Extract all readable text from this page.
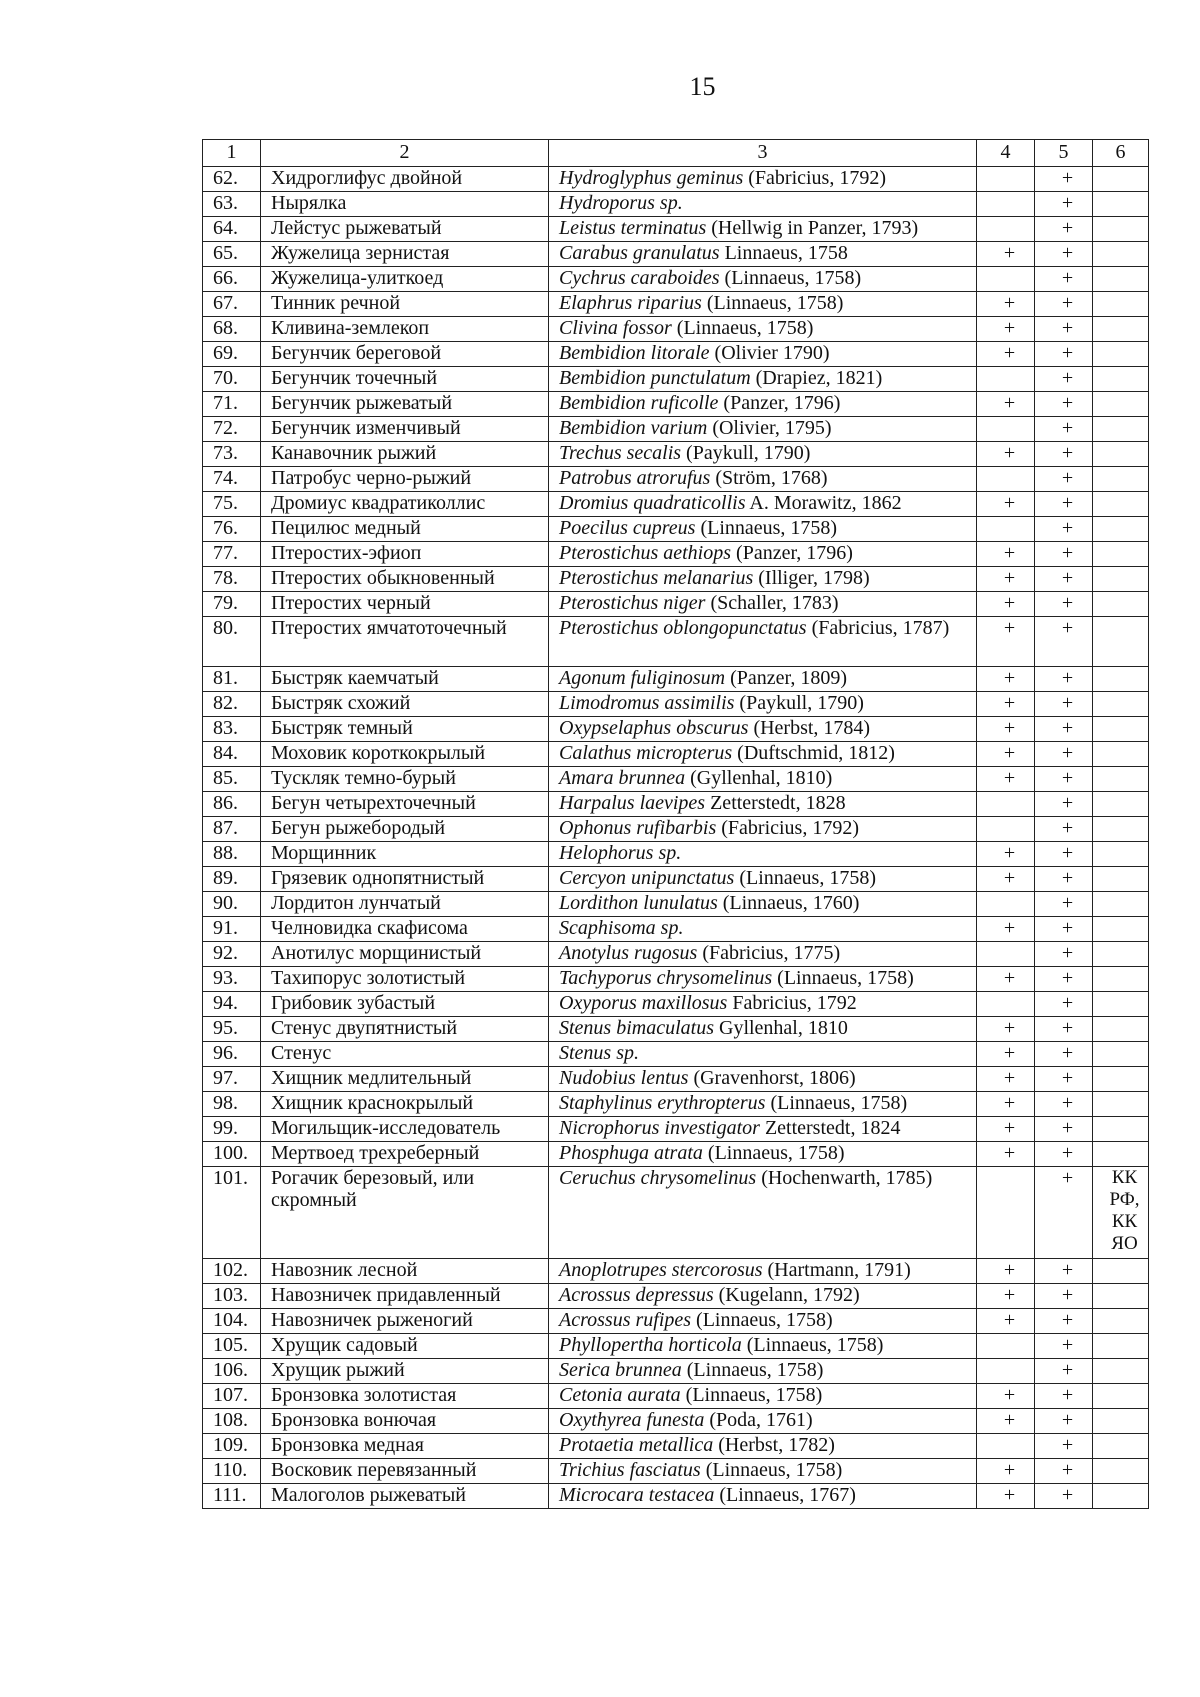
15
1	2	3	4	5	6
62.	Хидроглифус двойной	Hydroglyphus geminus (Fabricius, 1792)		+	
63.	Нырялка	Hydroporus sp.		+	
64.	Лейстус рыжеватый	Leistus terminatus (Hellwig in Panzer, 1793)		+	
65.	Жужелица зернистая	Carabus granulatus Linnaeus, 1758	+	+	
66.	Жужелица-улиткоед	Cychrus caraboides (Linnaeus, 1758)		+	
67.	Тинник речной	Elaphrus riparius (Linnaeus, 1758)	+	+	
68.	Кливина-землекоп	Clivina fossor (Linnaeus, 1758)	+	+	
69.	Бегунчик береговой	Bembidion litorale (Olivier 1790)	+	+	
70.	Бегунчик точечный	Bembidion punctulatum (Drapiez, 1821)		+	
71.	Бегунчик рыжеватый	Bembidion ruficolle (Panzer, 1796)	+	+	
72.	Бегунчик изменчивый	Bembidion varium (Olivier, 1795)		+	
73.	Канавочник рыжий	Trechus secalis (Paykull, 1790)	+	+	
74.	Патробус черно-рыжий	Patrobus atrorufus (Ström, 1768)		+	
75.	Дромиус квадратиколлис	Dromius quadraticollis A. Morawitz, 1862	+	+	
76.	Пецилюс медный	Poecilus cupreus (Linnaeus, 1758)		+	
77.	Птеростих-эфиоп	Pterostichus aethiops (Panzer, 1796)	+	+	
78.	Птеростих обыкновенный	Pterostichus melanarius (Illiger, 1798)	+	+	
79.	Птеростих черный	Pterostichus niger (Schaller, 1783)	+	+	
80.	Птеростих ямчатоточечный	Pterostichus oblongopunctatus (Fabricius, 1787)	+	+	
81.	Быстряк каемчатый	Agonum fuliginosum (Panzer, 1809)	+	+	
82.	Быстряк схожий	Limodromus assimilis (Paykull, 1790)	+	+	
83.	Быстряк темный	Oxypselaphus obscurus (Herbst, 1784)	+	+	
84.	Моховик короткокрылый	Calathus micropterus (Duftschmid, 1812)	+	+	
85.	Тускляк темно-бурый	Amara brunnea (Gyllenhal, 1810)	+	+	
86.	Бегун четырехточечный	Harpalus laevipes Zetterstedt, 1828		+	
87.	Бегун рыжебородый	Ophonus rufibarbis (Fabricius, 1792)		+	
88.	Морщинник	Helophorus sp.	+	+	
89.	Грязевик однопятнистый	Cercyon unipunctatus (Linnaeus, 1758)	+	+	
90.	Лордитон лунчатый	Lordithon lunulatus (Linnaeus, 1760)		+	
91.	Челновидка скафисома	Scaphisoma sp.	+	+	
92.	Анотилус морщинистый	Anotylus rugosus (Fabricius, 1775)		+	
93.	Тахипорус золотистый	Tachyporus chrysomelinus (Linnaeus, 1758)	+	+	
94.	Грибовик зубастый	Oxyporus maxillosus Fabricius, 1792		+	
95.	Стенус двупятнистый	Stenus bimaculatus Gyllenhal, 1810	+	+	
96.	Стенус	Stenus sp.	+	+	
97.	Хищник медлительный	Nudobius lentus (Gravenhorst, 1806)	+	+	
98.	Хищник краснокрылый	Staphylinus erythropterus (Linnaeus, 1758)	+	+	
99.	Могильщик-исследователь	Nicrophorus investigator Zetterstedt, 1824	+	+	
100.	Мертвоед трехреберный	Phosphuga atrata (Linnaeus, 1758)	+	+	
101.	Рогачик березовый, или скромный	Ceruchus chrysomelinus (Hochenwarth, 1785)		+	КК РФ, КК ЯО
102.	Навозник лесной	Anoplotrupes stercorosus (Hartmann, 1791)	+	+	
103.	Навозничек придавленный	Acrossus depressus (Kugelann, 1792)	+	+	
104.	Навозничек рыженогий	Acrossus rufipes (Linnaeus, 1758)	+	+	
105.	Хрущик садовый	Phyllopertha horticola (Linnaeus, 1758)		+	
106.	Хрущик рыжий	Serica brunnea (Linnaeus, 1758)		+	
107.	Бронзовка золотистая	Cetonia aurata (Linnaeus, 1758)	+	+	
108.	Бронзовка вонючая	Oxythyrea funesta (Poda, 1761)	+	+	
109.	Бронзовка медная	Protaetia metallica (Herbst, 1782)		+	
110.	Восковик перевязанный	Trichius fasciatus (Linnaeus, 1758)	+	+	
111.	Малоголов рыжеватый	Microcara testacea (Linnaeus, 1767)	+	+	
